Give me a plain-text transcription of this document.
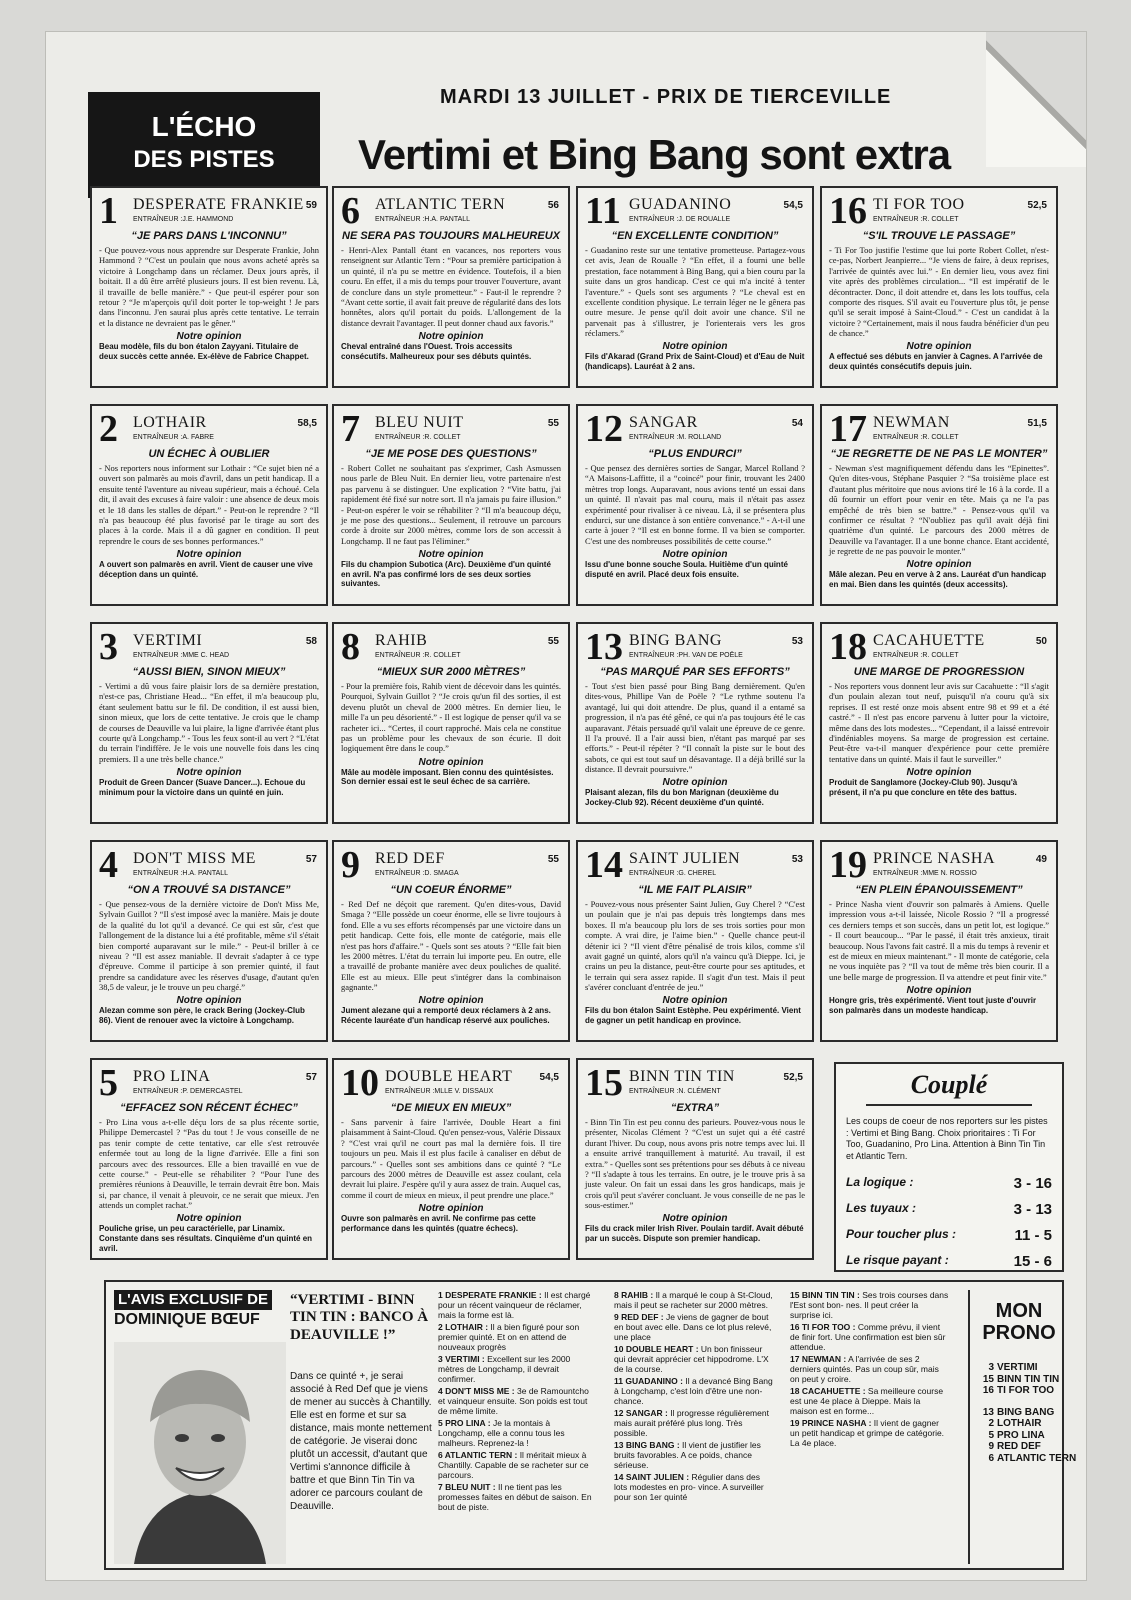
L'ÉCHO
DES PISTES
MARDI 13 JUILLET - PRIX DE TIERCEVILLE
Vertimi et Bing Bang sont extra
1 DESPERATE FRANKIE 59
ENTRAÎNEUR :J.E. HAMMOND
“JE PARS DANS L'INCONNU”
- Que pouvez-vous nous apprendre sur Desperate Frankie, John Hammond ? “C'est un poulain que nous avons acheté après sa victoire à Longchamp dans un réclamer. Deux jours après, il boitait. Il a dû être arrêté plusieurs jours. Il est bien revenu. Là, il travaille de belle manière.” - Que peut-il espérer pour son retour ? “Je m'aperçois qu'il doit porter le top-weight ! Je pars dans l'inconnu. J'en saurai plus après cette tentative. Le terrain et la distance ne devraient pas le gêner.”
Notre opinion
Beau modèle, fils du bon étalon Zayyani. Titulaire de deux succès cette année. Ex-élève de Fabrice Chappet.
6 ATLANTIC TERN	56
ENTRAÎNEUR :H.A. PANTALL
NE SERA PAS TOUJOURS MALHEUREUX
- Henri-Alex Pantall étant en vacances, nos reporters vous renseignent sur Atlantic Tern : “Pour sa première participation à un quinté, il n'a pu se mettre en évidence. Toutefois, il a bien couru. En effet, il a mis du temps pour trouver l'ouverture, avant de conclure dans un style prometteur.” - Faut-il le reprendre ? “Avant cette sortie, il avait fait preuve de régularité dans des lots honnêtes, alors qu'il portait du poids. L'allongement de la distance devrait l'avantager. Il peut donner chaud aux favoris.”
Notre opinion
Cheval entraîné dans l'Ouest. Trois accessits consécutifs. Malheureux pour ses débuts quintés.
11 GUADANINO	54,5
ENTRAÎNEUR :J. DE ROUALLE
“EN EXCELLENTE CONDITION”
- Guadanino reste sur une tentative prometteuse. Partagez-vous cet avis, Jean de Roualle ? “En effet, il a fourni une belle prestation, face notamment à Bing Bang, qui a bien couru par la suite dans un gros handicap. C'est ce qui m'a incité à tenter l'aventure.” - Quels sont ses arguments ? “Le cheval est en excellente condition physique. Le terrain léger ne le gênera pas outre mesure. Je pense qu'il doit avoir une chance. S'il ne parvenait pas à s'illustrer, je l'orienterais vers les gros réclamers.”
Notre opinion
Fils d'Akarad (Grand Prix de Saint-Cloud) et d'Eau de Nuit (handicaps). Lauréat à 2 ans.
16 TI FOR TOO	52,5
ENTRAÎNEUR :R. COLLET
“S'IL TROUVE LE PASSAGE”
- Ti For Too justifie l'estime que lui porte Robert Collet, n'est-ce-pas, Norbert Jeanpierre... “Je viens de faire, à deux reprises, l'arrivée de quintés avec lui.” - En dernier lieu, vous avez fini vite après des problèmes circulation... “Il est impératif de le décontracter. Donc, il doit attendre et, dans les lots touffus, cela comporte des risques. S'il avait eu l'ouverture plus tôt, je pense qu'il se serait imposé à Saint-Cloud.” - C'est un candidat à la victoire ? “Certainement, mais il nous faudra bénéficier d'un peu de chance.”
Notre opinion
A effectué ses débuts en janvier à Cagnes. A l'arrivée de deux quintés consécutifs depuis juin.
2 LOTHAIR	58,5
ENTRAÎNEUR :A. FABRE
UN ÉCHEC À OUBLIER
- Nos reporters nous informent sur Lothair : “Ce sujet bien né a ouvert son palmarès au mois d'avril, dans un petit handicap. Il a ensuite tenté l'aventure au niveau supérieur, mais a échoué. Cela dit, il avait des excuses à faire valoir : une absence de deux mois et le 18 dans les stalles de départ.” - Peut-on le reprendre ? “Il n'a pas beaucoup été plus favorisé par le tirage au sort des places à la corde. Mais il a dû gagner en condition. Il peut reprendre le cours de ses bonnes performances.”
Notre opinion
A ouvert son palmarès en avril. Vient de causer une vive déception dans un quinté.
7 BLEU NUIT	55
ENTRAÎNEUR :R. COLLET
“JE ME POSE DES QUESTIONS”
- Robert Collet ne souhaitant pas s'exprimer, Cash Asmussen nous parle de Bleu Nuit. En dernier lieu, votre partenaire n'est pas parvenu à se distinguer. Une explication ? “Vite battu, j'ai rapidement été fixé sur notre sort. Il n'a jamais pu faire illusion.” - Peut-on espérer le voir se réhabiliter ? “Il m'a beaucoup déçu, je me pose des questions... Seulement, il retrouve un parcours corde à droite sur 2000 mètres, comme lors de son accessit à Longchamp. Il ne faut pas l'éliminer.”
Notre opinion
Fils du champion Subotica (Arc). Deuxième d'un quinté en avril. N'a pas confirmé lors de ses deux sorties suivantes.
12 SANGAR	54
ENTRAÎNEUR :M. ROLLAND
“PLUS ENDURCI”
- Que pensez des dernières sorties de Sangar, Marcel Rolland ? “A Maisons-Laffitte, il a “coincé” pour finir, trouvant les 2400 mètres trop longs. Auparavant, nous avions tenté un essai dans un quinté. Il n'avait pas mal couru, mais il n'était pas assez expérimenté pour rivaliser à ce niveau. Là, il se présentera plus endurci, sur une distance à son entière convenance.” - A-t-il une carte à jouer ? “Il est en bonne forme. Il va bien se comporter. C'est une des nombreuses possibilités de cette course.”
Notre opinion
Issu d'une bonne souche Soula. Huitième d'un quinté disputé en avril. Placé deux fois ensuite.
17 NEWMAN	51,5
ENTRAÎNEUR :R. COLLET
“JE REGRETTE DE NE PAS LE MONTER”
- Newman s'est magnifiquement défendu dans les “Epinettes”. Qu'en dites-vous, Stéphane Pasquier ? “Sa troisième place est d'autant plus méritoire que nous avions tiré le 16 à la corde. Il a dû fournir un effort pour venir en tête. Mais ça ne l'a pas empêché de très bien se battre.” - Pensez-vous qu'il va confirmer ce résultat ? “N'oubliez pas qu'il avait déjà fini quatrième d'un quinté. Le parcours des 2000 mètres de Deauville va l'avantager. Il a une bonne chance. Etant accidenté, je regrette de ne pas pouvoir le monter.”
Notre opinion
Mâle alezan. Peu en verve à 2 ans. Lauréat d'un handicap en mai. Bien dans les quintés (deux accessits).
3 VERTIMI	58
ENTRAÎNEUR :MME C. HEAD
“AUSSI BIEN, SINON MIEUX”
- Vertimi a dû vous faire plaisir lors de sa dernière prestation, n'est-ce pas, Christiane Head... “En effet, il m'a beaucoup plu, étant seulement battu sur le fil. De condition, il est aussi bien, sinon mieux, que lors de cette tentative. Je crois que le champ de courses de Deauville va lui plaire, la ligne d'arrivée étant plus courte qu'à Longchamp.” - Tous les feux sont-il au vert ? “L'état du terrain l'indiffère. Je le vois une nouvelle fois dans les cinq premiers. Il a une très belle chance.”
Notre opinion
Produit de Green Dancer (Suave Dancer...). Echoue du minimum pour la victoire dans un quinté en juin.
8 RAHIB	55
ENTRAÎNEUR :R. COLLET
“MIEUX SUR 2000 MÈTRES”
- Pour la première fois, Rahib vient de décevoir dans les quintés. Pourquoi, Sylvain Guillot ? “Je crois qu'un fil des sorties, il est devenu plutôt un cheval de 2000 mètres. En dernier lieu, le mille l'a un peu désorienté.” - Il est logique de penser qu'il va se racheter ici... “Certes, il court rapproché. Mais cela ne constitue pas un problème pour les chevaux de son écurie. Il doit logiquement être dans le coup.”
Notre opinion
Mâle au modèle imposant. Bien connu des quintésistes. Son dernier essai est le seul échec de sa carrière.
13 BING BANG	53
ENTRAÎNEUR :PH. VAN DE POËLE
“PAS MARQUÉ PAR SES EFFORTS”
- Tout s'est bien passé pour Bing Bang dernièrement. Qu'en dites-vous, Phillipe Van de Poële ? “Le rythme soutenu l'a avantagé, lui qui doit attendre. De plus, quand il a entamé sa progression, il n'a pas été gêné, ce qui n'a pas toujours été le cas auparavant. J'étais persuadé qu'il valait une épreuve de ce genre. Il l'a prouvé. Il a l'air aussi bien, n'étant pas marqué par ses efforts.” - Peut-il répéter ? “Il connaît la piste sur le bout des sabots, ce qui est tout sauf un désavantage. Il a déjà brillé sur la distance. Il devrait poursuivre.”
Notre opinion
Plaisant alezan, fils du bon Marignan (deuxième du Jockey-Club 92). Récent deuxième d'un quinté.
18 CACAHUETTE	50
ENTRAÎNEUR :R. COLLET
UNE MARGE DE PROGRESSION
- Nos reporters vous donnent leur avis sur Cacahuette : “Il s'agit d'un poulain alezan tout neuf, puisqu'il n'a couru qu'à six reprises. Il est resté onze mois absent entre 98 et 99 et a été castré.” - Il n'est pas encore parvenu à lutter pour la victoire, même dans des lots modestes... “Cependant, il a laissé entrevoir d'indéniables moyens. Sa marge de progression est certaine. Peut-être va-t-il manquer d'expérience pour cette première tentative dans un quinté. Mais il faut le surveiller.”
Notre opinion
Produit de Sanglamore (Jockey-Club 90). Jusqu'à présent, il n'a pu que conclure en tête des battus.
4 DON'T MISS ME	57
ENTRAÎNEUR :H.A. PANTALL
“ON A TROUVÉ SA DISTANCE”
- Que pensez-vous de la dernière victoire de Don't Miss Me, Sylvain Guillot ? “Il s'est imposé avec la manière. Mais je doute de la qualité du lot qu'il a devancé. Ce qui est sûr, c'est que l'allongement de la distance lui a été profitable, même s'il s'était bien comporté auparavant sur le mile.” - Peut-il briller à ce niveau ? “Il est assez maniable. Il devrait s'adapter à ce type d'épreuve. Comme il participe à son premier quinté, il faut prendre sa candidature avec les réserves d'usage, d'autant qu'en 38,5 de valeur, je le trouve un peu chargé.”
Notre opinion
Alezan comme son père, le crack Bering (Jockey-Club 86). Vient de renouer avec la victoire à Longchamp.
9 RED DEF	55
ENTRAÎNEUR :D. SMAGA
“UN COEUR ÉNORME”
- Red Def ne déçoit que rarement. Qu'en dites-vous, David Smaga ? “Elle possède un coeur énorme, elle se livre toujours à fond. Elle a vu ses efforts récompensés par une victoire dans un petit handicap. Cette fois, elle monte de catégorie, mais elle n'est pas hors d'affaire.” - Quels sont ses atouts ? “Elle fait bien les 2000 mètres. L'état du terrain lui importe peu. En outre, elle a travaillé de probante manière avec deux pouliches de qualité. Elle est au mieux. Elle peut s'intégrer dans la combinaison gagnante.”
Notre opinion
Jument alezane qui a remporté deux réclamers à 2 ans. Récente lauréate d'un handicap réservé aux pouliches.
14 SAINT JULIEN	53
ENTRAÎNEUR :G. CHEREL
“IL ME FAIT PLAISIR”
- Pouvez-vous nous présenter Saint Julien, Guy Cherel ? “C'est un poulain que je n'ai pas depuis très longtemps dans mes boxes. Il m'a beaucoup plu lors de ses trois sorties pour mon compte. A vrai dire, je l'aime bien.” - Quelle chance peut-il détenir ici ? “Il vient d'être pénalisé de trois kilos, comme s'il avait gagné un quinté, alors qu'il n'a vaincu qu'à Dieppe. Ici, je crains un peu la distance, peut-être courte pour ses aptitudes, et le terrain qui sera assez rapide. Il s'agit d'un test. Mais il peut s'avérer concluant d'entrée de jeu.”
Notre opinion
Fils du bon étalon Saint Estèphe. Peu expérimenté. Vient de gagner un petit handicap en province.
19 PRINCE NASHA	49
ENTRAÎNEUR :MME N. ROSSIO
“EN PLEIN ÉPANOUISSEMENT”
- Prince Nasha vient d'ouvrir son palmarès à Amiens. Quelle impression vous a-t-il laissée, Nicole Rossio ? “Il a progressé ces derniers temps et son succès, dans un petit lot, est logique.” - Il court beaucoup... “Par le passé, il était très anxieux, tirait beaucoup. Nous l'avons fait castré. Il a mis du temps à revenir et est de mieux en mieux maintenant.” - Il monte de catégorie, cela ne vous inquiète pas ? “Il va tout de même très bien courir. Il a une belle marge de progression. Il va attendre et peut finir vite.”
Notre opinion
Hongre gris, très expérimenté. Vient tout juste d'ouvrir son palmarès dans un modeste handicap.
5 PRO LINA	57
ENTRAÎNEUR :P. DEMERCASTEL
“EFFACEZ SON RÉCENT ÉCHEC”
- Pro Lina vous a-t-elle déçu lors de sa plus récente sortie, Philippe Demercastel ? “Pas du tout ! Je vous conseille de ne pas tenir compte de cette tentative, car elle s'est retrouvée enfermée tout au long de la ligne d'arrivée. Elle a fini son parcours avec des ressources. Elle a bien travaillé en vue de cette course.” - Peut-elle se réhabiliter ? “Pour l'une des premières réunions à Deauville, le terrain devrait être bon. Mais si, par chance, il venait à pleuvoir, ce ne serait que mieux. J'en attends un complet rachat.”
Notre opinion
Pouliche grise, un peu caractérielle, par Linamix. Constante dans ses résultats. Cinquième d'un quinté en avril.
10 DOUBLE HEART	54,5
ENTRAÎNEUR :MLLE V. DISSAUX
“DE MIEUX EN MIEUX”
- Sans parvenir à faire l'arrivée, Double Heart a fini plaisamment à Saint-Cloud. Qu'en pensez-vous, Valérie Dissaux ? “C'est vrai qu'il ne court pas mal la dernière fois. Il tire toujours un peu. Mais il est plus facile à canaliser en début de parcours.” - Quelles sont ses ambitions dans ce quinté ? “Le parcours des 2000 mètres de Deauville est assez coulant, cela devrait lui plaire. J'espère qu'il y aura assez de train. Auquel cas, comme il court de mieux en mieux, il peut prendre une place.”
Notre opinion
Ouvre son palmarès en avril. Ne confirme pas cette performance dans les quintés (quatre échecs).
15 BINN TIN TIN	52,5
ENTRAÎNEUR :N. CLÉMENT
“EXTRA”
- Binn Tin Tin est peu connu des parieurs. Pouvez-vous nous le présenter, Nicolas Clément ? “C'est un sujet qui a été castré durant l'hiver. Du coup, nous avons pris notre temps avec lui. Il a ensuite arrivé tranquillement à maturité. Au travail, il est extra.” - Quelles sont ses prétentions pour ses débuts à ce niveau ? “Il s'adapte à tous les terrains. En outre, je le trouve pris à sa juste valeur. On fait un essai dans les gros handicaps, mais je crois qu'il peut s'avérer concluant. Je vous conseille de ne pas le sous-estimer.”
Notre opinion
Fils du crack miler Irish River. Poulain tardif. Avait débuté par un succès. Dispute son premier handicap.
Couplé
Les coups de coeur de nos reporters sur les pistes : Vertimi et Bing Bang. Choix prioritaires : Ti For Too, Guadanino, Pro Lina. Attention à Binn Tin Tin et Atlantic Tern.
La logique :	3 - 16
Les tuyaux :	3 - 13
Pour toucher plus :	11 - 5
Le risque payant :	15 - 6
L'AVIS EXCLUSIF DE
DOMINIQUE BŒUF
“VERTIMI - BINN TIN TIN : BANCO À DEAUVILLE !”
Dans ce quinté +, je serai associé à Red Def que je viens de mener au succès à Chantilly. Elle est en forme et sur sa distance, mais monte nettement de catégorie. Je viserai donc plutôt un accessit, d'autant que Vertimi s'annonce difficile à battre et que Binn Tin Tin va adorer ce parcours coulant de Deauville.

1 DESPERATE FRANKIE : Il est chargé pour un récent vainqueur de réclamer, mais la forme est là.

2 LOTHAIR : Il a bien figuré pour son premier quinté. Et on en attend de nouveaux progrès

3 VERTIMI : Excellent sur les 2000 mètres de Longchamp, il devrait confirmer.

4 DON'T MISS ME : 3e de Ramountcho et vainqueur ensuite. Son poids est tout de même limite.

5 PRO LINA : Je la montais à Longchamp, elle a connu tous les malheurs. Reprenez-la !

6 ATLANTIC TERN : Il méritait mieux à Chantilly. Capable de se racheter sur ce parcours.

7 BLEU NUIT : Il ne tient pas les promesses faites en début de saison. En bout de piste.

8 RAHIB : Il a marqué le coup à St-Cloud, mais il peut se racheter sur 2000 mètres.

9 RED DEF : Je viens de gagner de bout en bout avec elle. Dans ce lot plus relevé, une place

10 DOUBLE HEART : Un bon finisseur qui devrait apprécier cet hippodrome. L'X de la course.

11 GUADANINO : Il a devancé Bing Bang à Longchamp, c'est loin d'être une non-chance.

12 SANGAR : Il progresse régulièrement mais aurait préféré plus long. Très possible.

13 BING BANG : Il vient de justifier les bruits favorables. A ce poids, chance sérieuse.

14 SAINT JULIEN : Régulier dans des lots modestes en pro- vince. A surveiller pour son 1er quinté

15 BINN TIN TIN : Ses trois courses dans l'Est sont bon- nes. Il peut créer la surprise ici.

16 TI FOR TOO : Comme prévu, il vient de finir fort. Une confirmation est bien sûr attendue.

17 NEWMAN : A l'arrivée de ses 2 derniers quintés. Pas un coup sûr, mais on peut y croire.

18 CACAHUETTE : Sa meilleure course est une 4e place à Dieppe. Mais la maison est en forme...

19 PRINCE NASHA : Il vient de gagner un petit handicap et grimpe de catégorie. La 4e place.

MON
PRONO
3 VERTIMI
15 BINN TIN TIN
16 TI FOR TOO
13 BING BANG
2 LOTHAIR
5 PRO LINA
9 RED DEF
6 ATLANTIC TERN
